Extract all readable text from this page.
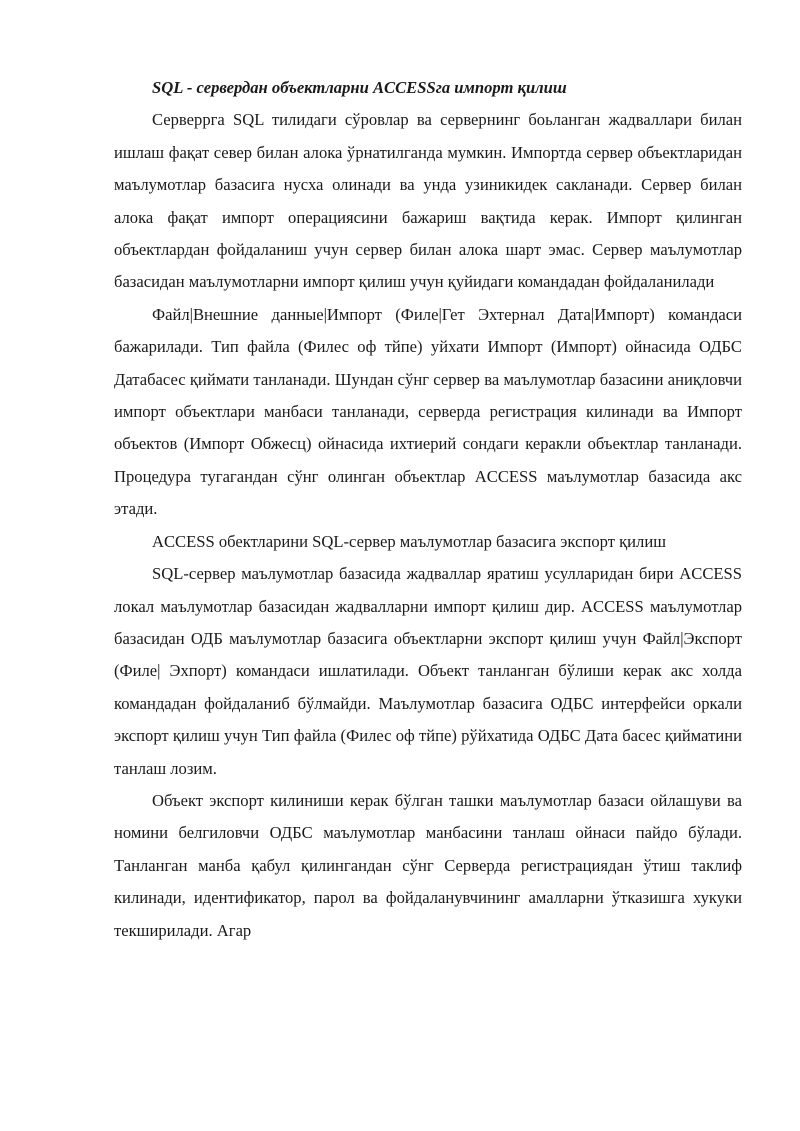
SQL - сервердан объектларни ACCESSга импорт қилиш

Серверрга SQL тилидаги сўровлар ва сервернинг боьланган жадваллари билан ишлаш фақат север билан алока ўрнатилганда мумкин. Импортда сервер объектларидан маълумотлар базасига нусха олинади ва унда узиникидек сакланади. Сервер билан алока фақат импорт операциясини бажариш вақтида керак. Импорт қилинган объектлардан фойдаланиш учун сервер билан алока шарт эмас. Сервер маълумотлар базасидан маълумотларни импорт қилиш учун қуйидаги командадан фойдаланилади

Файл|Внешние данные|Импорт (Филе|Гет Эхтернал Дата|Импорт) командаси бажарилади. Тип файла (Филес оф тйпе) уйхати Импорт (Импорт) ойнасида ОДБС Датабасес қиймати танланади. Шундан сўнг сервер ва маълумотлар базасини аниқловчи импорт объектлари манбаси танланади, серверда регистрация килинади ва Импорт объектов (Импорт Обжесц) ойнасида ихтиерий сондаги керакли объектлар танланади. Процедура тугагандан сўнг олинган объектлар ACCESS маълумотлар базасида акс этади.

ACCESS обектларини SQL-сервер маълумотлар базасига экспорт қилиш

SQL-сервер маълумотлар базасида жадваллар яратиш усулларидан бири ACCESS локал маълумотлар базасидан жадвалларни импорт қилиш дир. ACCESS маълумотлар базасидан ОДБ маълумотлар базасига объектларни экспорт қилиш учун Файл|Экспорт (Филе| Эхпорт) командаси ишлатилади. Объект танланган бўлиши керак акс холда командадан фойдаланиб бўлмайди. Маълумотлар базасига ОДБС интерфейси оркали экспорт қилиш учун Тип файла (Филес оф тйпе) рўйхатида ОДБС Дата басес қийматини танлаш лозим.

Объект экспорт килиниши керак бўлган ташки маълумотлар базаси ойлашуви ва номини белгиловчи ОДБС маълумотлар манбасини танлаш ойнаси пайдо бўлади. Танланган манба қабул қилингандан сўнг Серверда регистрациядан ўтиш таклиф килинади, идентификатор, парол ва фойдаланувчининг амалларни ўтказишга хукуки текширилади. Агар
